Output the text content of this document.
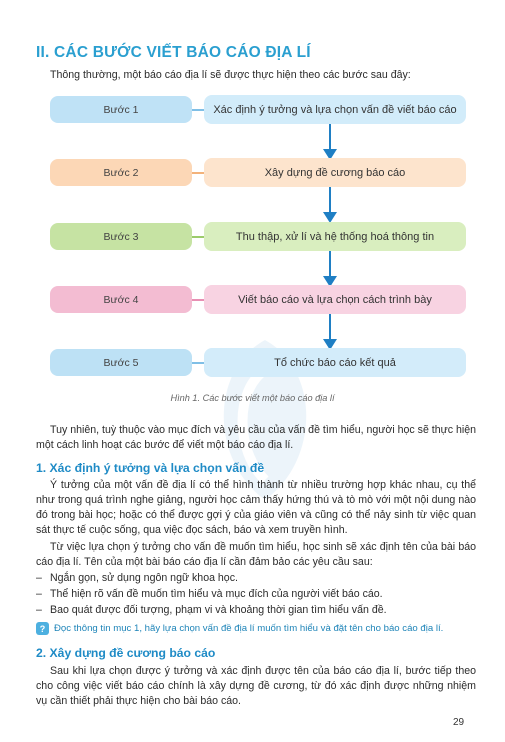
II. CÁC BƯỚC VIẾT BÁO CÁO ĐỊA LÍ
Thông thường, một báo cáo địa lí sẽ được thực hiện theo các bước sau đây:
Bước 1	Xác định ý tưởng và lựa chọn vấn đề viết báo cáo
Bước 2	Xây dựng đề cương báo cáo
Bước 3	Thu thập, xử lí và hệ thống hoá thông tin
Bước 4	Viết báo cáo và lựa chọn cách trình bày
Bước 5	Tổ chức báo cáo kết quả
Hình 1. Các bước viết một báo cáo địa lí
Tuy nhiên, tuỳ thuộc vào mục đích và yêu cầu của vấn đề tìm hiểu, người học sẽ thực hiện một cách linh hoạt các bước để viết một báo cáo địa lí.
1. Xác định ý tưởng và lựa chọn vấn đề
Ý tưởng của một vấn đề địa lí có thể hình thành từ nhiều trường hợp khác nhau, cụ thể như trong quá trình nghe giảng, người học cảm thấy hứng thú và tò mò với một nội dung nào đó trong bài học; hoặc có thể được gợi ý của giáo viên và cũng có thể nảy sinh từ việc quan sát thực tế cuộc sống, qua việc đọc sách, báo và xem truyền hình.
Từ việc lựa chọn ý tưởng cho vấn đề muốn tìm hiểu, học sinh sẽ xác định tên của bài báo cáo địa lí. Tên của một bài báo cáo địa lí cần đảm bảo các yêu cầu sau:
– Ngắn gọn, sử dụng ngôn ngữ khoa học.
– Thể hiện rõ vấn đề muốn tìm hiểu và mục đích của người viết báo cáo.
– Bao quát được đối tượng, phạm vi và khoảng thời gian tìm hiểu vấn đề.
? Đọc thông tin mục 1, hãy lựa chọn vấn đề địa lí muốn tìm hiểu và đặt tên cho báo cáo địa lí.
2. Xây dựng đề cương báo cáo
Sau khi lựa chọn được ý tưởng và xác định được tên của báo cáo địa lí, bước tiếp theo cho công việc viết báo cáo chính là xây dựng đề cương, từ đó xác định được những nhiệm vụ cần thiết phải thực hiện cho bài báo cáo.
29
